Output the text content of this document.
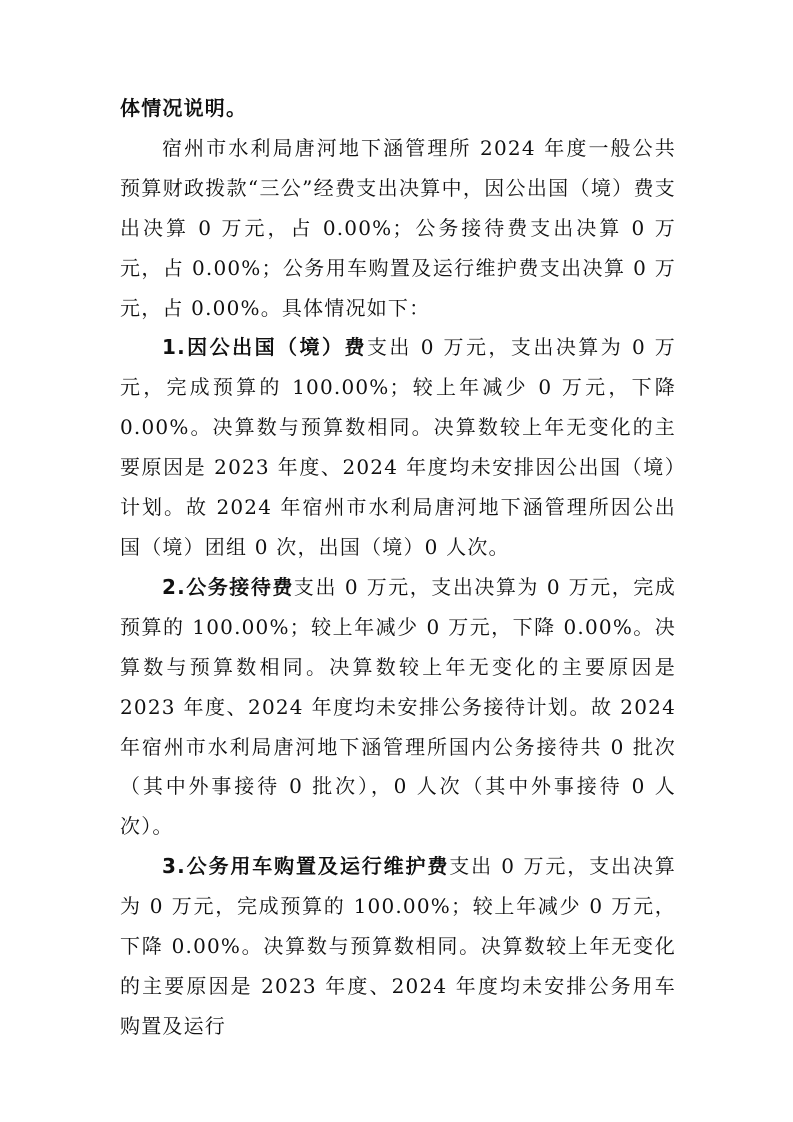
体情况说明。

宿州市水利局唐河地下涵管理所 2024 年度一般公共预算财政拨款“三公”经费支出决算中，因公出国（境）费支出决算 0 万元，占 0.00%；公务接待费支出决算 0 万元，占 0.00%；公务用车购置及运行维护费支出决算 0 万元，占 0.00%。具体情况如下：

1.因公出国（境）费支出 0 万元，支出决算为 0 万元，完成预算的 100.00%；较上年减少 0 万元，下降 0.00%。决算数与预算数相同。决算数较上年无变化的主要原因是 2023 年度、2024 年度均未安排因公出国（境）计划。故 2024 年宿州市水利局唐河地下涵管理所因公出国（境）团组 0 次，出国（境）0 人次。

2.公务接待费支出 0 万元，支出决算为 0 万元，完成预算的 100.00%；较上年减少 0 万元，下降 0.00%。决算数与预算数相同。决算数较上年无变化的主要原因是 2023 年度、2024 年度均未安排公务接待计划。故 2024 年宿州市水利局唐河地下涵管理所国内公务接待共 0 批次（其中外事接待 0 批次），0 人次（其中外事接待 0 人次）。

3.公务用车购置及运行维护费支出 0 万元，支出决算为 0 万元，完成预算的 100.00%；较上年减少 0 万元，下降 0.00%。决算数与预算数相同。决算数较上年无变化的主要原因是 2023 年度、2024 年度均未安排公务用车购置及运行
